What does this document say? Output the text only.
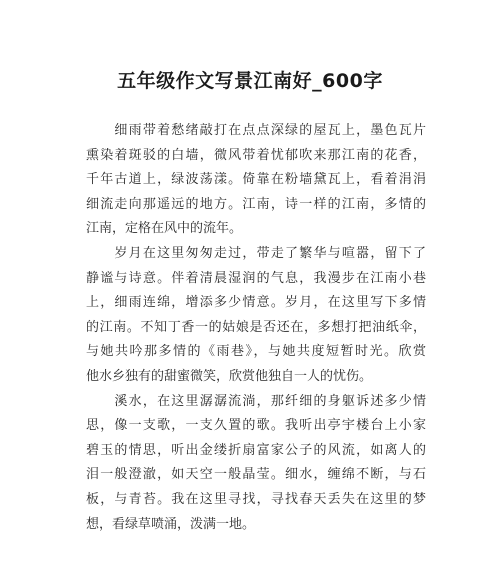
五年级作文写景江南好_600字
　　细雨带着愁绪敲打在点点深绿的屋瓦上，墨色瓦片
熏染着斑驳的白墙，微风带着忧郁吹来那江南的花香，
千年古道上，绿波荡漾。倚靠在粉墙黛瓦上，看着涓涓
细流走向那遥远的地方。江南，诗一样的江南，多情的
江南，定格在风中的流年。
　　岁月在这里匆匆走过，带走了繁华与喧嚣，留下了
静谧与诗意。伴着清晨湿润的气息，我漫步在江南小巷
上，细雨连绵，增添多少情意。岁月，在这里写下多情
的江南。不知丁香一的姑娘是否还在，多想打把油纸伞，
与她共吟那多情的《雨巷》，与她共度短暂时光。欣赏
他水乡独有的甜蜜微笑，欣赏他独自一人的忧伤。
　　溪水，在这里潺潺流淌，那纤细的身躯诉述多少情
思，像一支歌，一支久置的歌。我听出亭宇楼台上小家
碧玉的情思，听出金缕折扇富家公子的风流，如离人的
泪一般澄澈，如天空一般晶莹。细水，缠绵不断，与石
板，与青苔。我在这里寻找，寻找春天丢失在这里的梦
想，看绿草喷涌，泼满一地。
